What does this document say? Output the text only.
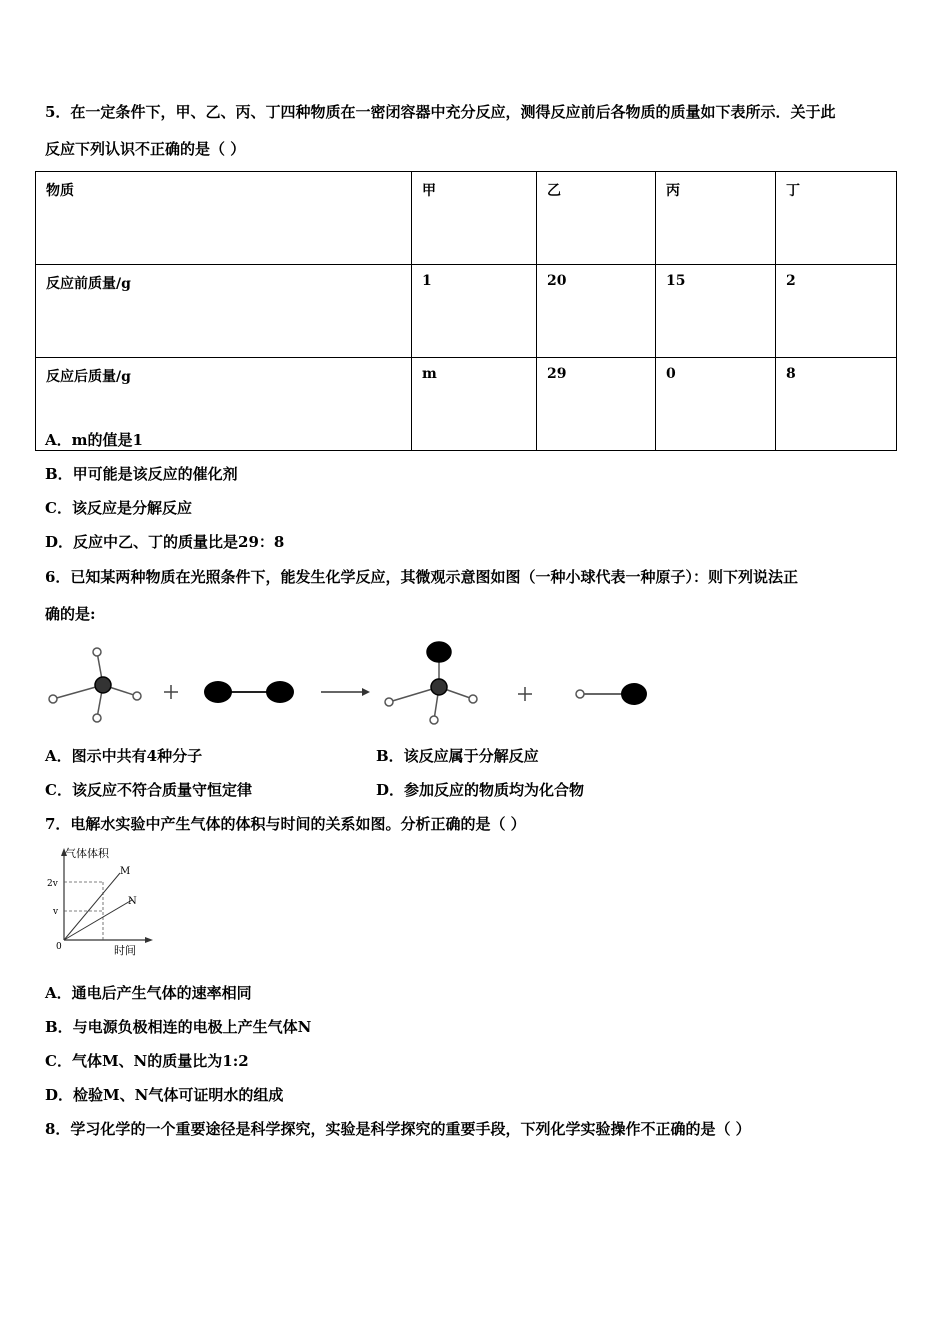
5．在一定条件下，甲、乙、丙、丁四种物质在一密闭容器中充分反应，测得反应前后各物质的质量如下表所示．关于此
反应下列认识不正确的是（ ）
物质	甲	乙	丙	丁
反应前质量/g	1	20	15	2
反应后质量/g	m	29	0	8
A．m的值是1
B．甲可能是该反应的催化剂
C．该反应是分解反应
D．反应中乙、丁的质量比是29：8
6．已知某两种物质在光照条件下，能发生化学反应，其微观示意图如图（一种小球代表一种原子）：则下列说法正
确的是:
A．图示中共有4种分子	B．该反应属于分解反应
C．该反应不符合质量守恒定律	D．参加反应的物质均为化合物
7．电解水实验中产生气体的体积与时间的关系如图。分析正确的是（ ）
气体体积
2v
v
0
M
N
时间
A．通电后产生气体的速率相同
B．与电源负极相连的电极上产生气体N
C．气体M、N的质量比为1:2
D．检验M、N气体可证明水的组成
8．学习化学的一个重要途径是科学探究，实验是科学探究的重要手段，下列化学实验操作不正确的是（ ）
